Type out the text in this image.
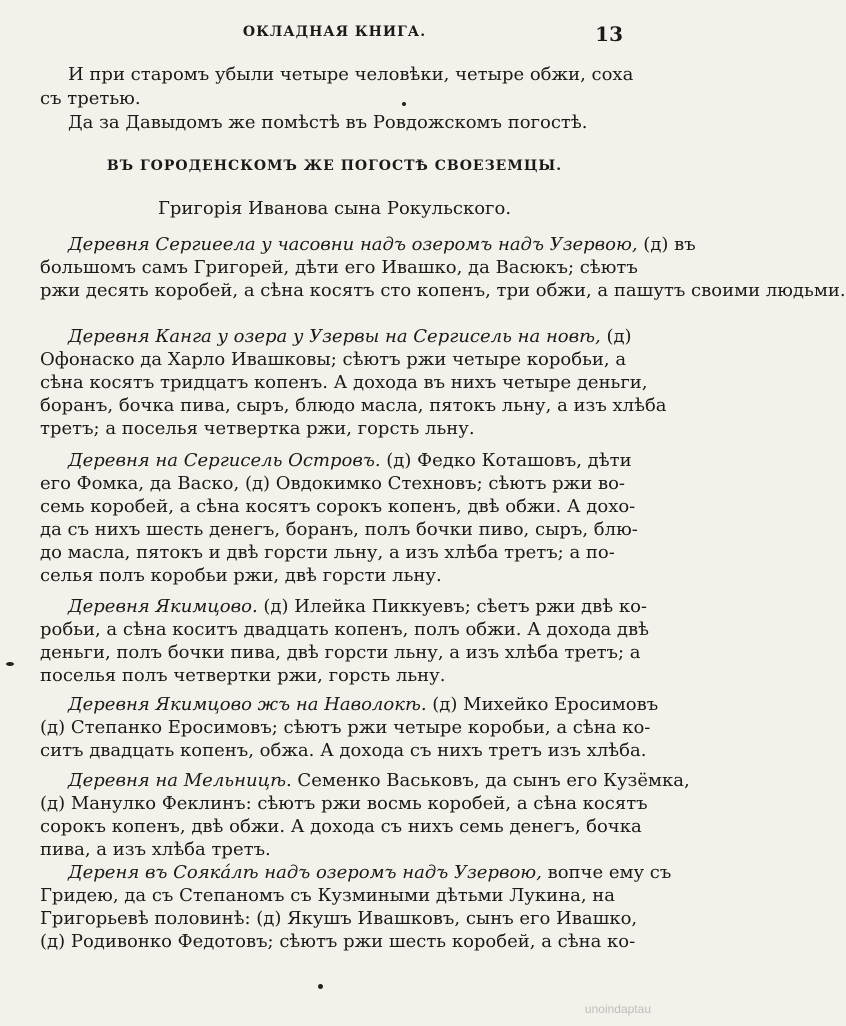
ОКЛАДНАЯ КНИГА.	13
И при старомъ убыли четыре человѣки, четыре обжи, соха
съ третью.
Да за Давыдомъ же помѣстѣ въ Ровдожскомъ погостѣ.
ВЪ ГОРОДЕНСКОМЪ ЖЕ ПОГОСТѢ СВОЕЗЕМЦЫ.
Григорія Иванова сына Рокульского.
Деревня Сергиеела у часовни надъ озеромъ надъ Узервою, (д) въ
большомъ самъ Григорей, дѣти его Ивашко, да Васюкъ; сѣютъ
ржи десять коробей, а сѣна косятъ сто копенъ, три обжи, а пашутъ своими людьми.
Деревня Канга у озера у Узервы на Сергисель на новѣ, (д)
Офонаско да Харло Ивашковы; сѣютъ ржи четыре коробьи, а
сѣна косятъ тридцатъ копенъ. А дохода въ нихъ четыре деньги,
боранъ, бочка пива, сыръ, блюдо масла, пятокъ льну, а изъ хлѣба
третъ; а поселья четвертка ржи, горсть льну.
Деревня на Сергисель Островъ. (д) Федко Коташовъ, дѣти
его Фомка, да Васко, (д) Овдокимко Стехновъ; сѣютъ ржи во-
семь коробей, а сѣна косятъ сорокъ копенъ, двѣ обжи. А дохо-
да съ нихъ шесть денегъ, боранъ, полъ бочки пиво, сыръ, блю-
до масла, пятокъ и двѣ горсти льну, а изъ хлѣба третъ; а по-
селья полъ коробьи ржи, двѣ горсти льну.
Деревня Якимцово. (д) Илейка Пиккуевъ; сѣетъ ржи двѣ ко-
робьи, а сѣна коситъ двадцать копенъ, полъ обжи. А дохода двѣ
деньги, полъ бочки пива, двѣ горсти льну, а изъ хлѣба третъ; а
поселья полъ четвертки ржи, горсть льну.
Деревня Якимцово жъ на Наволокѣ. (д) Михейко Еросимовъ
(д) Степанко Еросимовъ; сѣютъ ржи четыре коробьи, а сѣна ко-
ситъ двадцать копенъ, обжа. А дохода съ нихъ третъ изъ хлѣба.
Деревня на Мельницѣ. Семенко Васьковъ, да сынъ его Кузёмка,
(д) Манулко Феклинъ: сѣютъ ржи восмь коробей, а сѣна косятъ
сорокъ копенъ, двѣ обжи. А дохода съ нихъ семь денегъ, бочка
пива, а изъ хлѣба третъ.
Дереня въ Сояка́лѣ надъ озеромъ надъ Узервою, вопче ему съ
Гридею, да съ Степаномъ съ Кузмиными дѣтьми Лукина, на
Григорьевѣ половинѣ: (д) Якушъ Ивашковъ, сынъ его Ивашко,
(д) Родивонко Федотовъ; сѣютъ ржи шесть коробей, а сѣна ко-
unoindaptau
